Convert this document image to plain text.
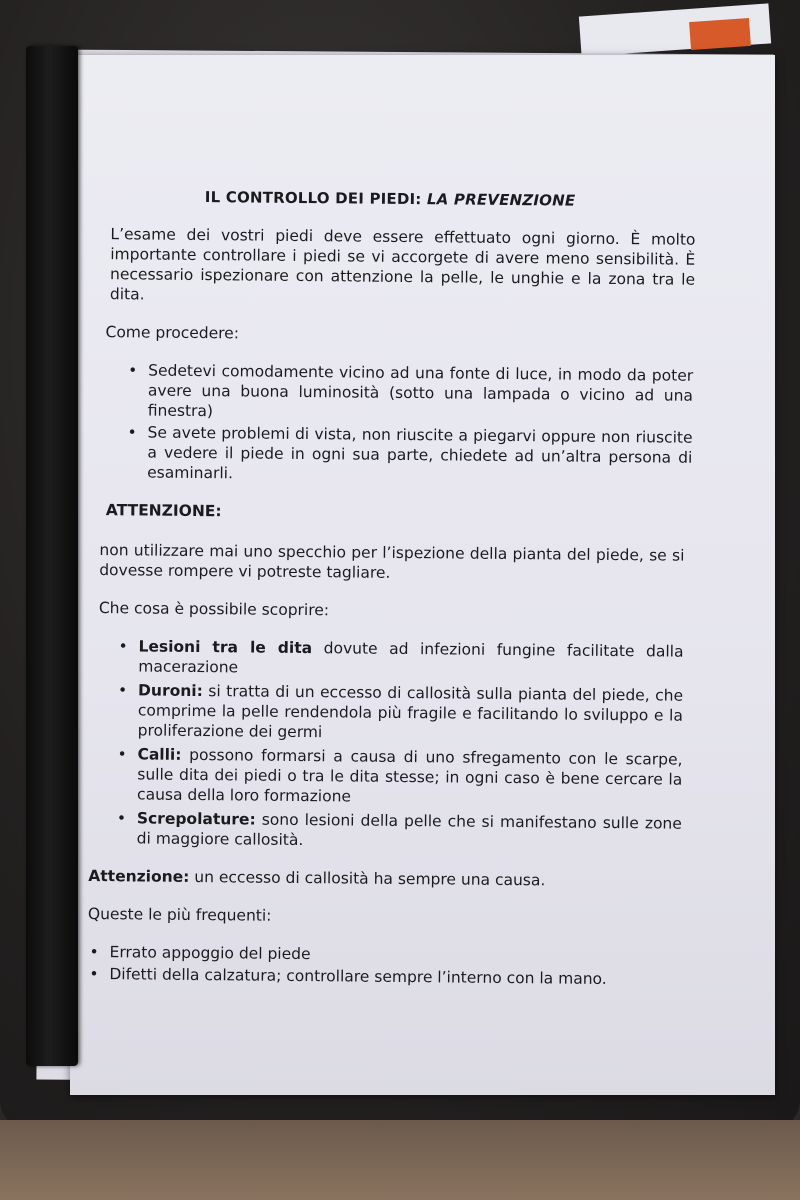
IL CONTROLLO DEI PIEDI: LA PREVENZIONE

L’esame dei vostri piedi deve essere effettuato ogni giorno. È molto importante controllare i piedi se vi accorgete di avere meno sensibilità. È necessario ispezionare con attenzione la pelle, le unghie e la zona tra le dita.

Come procedere:

• Sedetevi comodamente vicino ad una fonte di luce, in modo da poter avere una buona luminosità (sotto una lampada o vicino ad una finestra)
• Se avete problemi di vista, non riuscite a piegarvi oppure non riuscite a vedere il piede in ogni sua parte, chiedete ad un’altra persona di esaminarli.
ATTENZIONE:

non utilizzare mai uno specchio per l’ispezione della pianta del piede, se si dovesse rompere vi potreste tagliare.

Che cosa è possibile scoprire:

• Lesioni tra le dita dovute ad infezioni fungine facilitate dalla macerazione
• Duroni: si tratta di un eccesso di callosità sulla pianta del piede, che comprime la pelle rendendola più fragile e facilitando lo sviluppo e la proliferazione dei germi
• Calli: possono formarsi a causa di uno sfregamento con le scarpe, sulle dita dei piedi o tra le dita stesse; in ogni caso è bene cercare la causa della loro formazione
• Screpolature: sono lesioni della pelle che si manifestano sulle zone di maggiore callosità.

Attenzione: un eccesso di callosità ha sempre una causa.

Queste le più frequenti:

• Errato appoggio del piede
• Difetti della calzatura; controllare sempre l’interno con la mano.
